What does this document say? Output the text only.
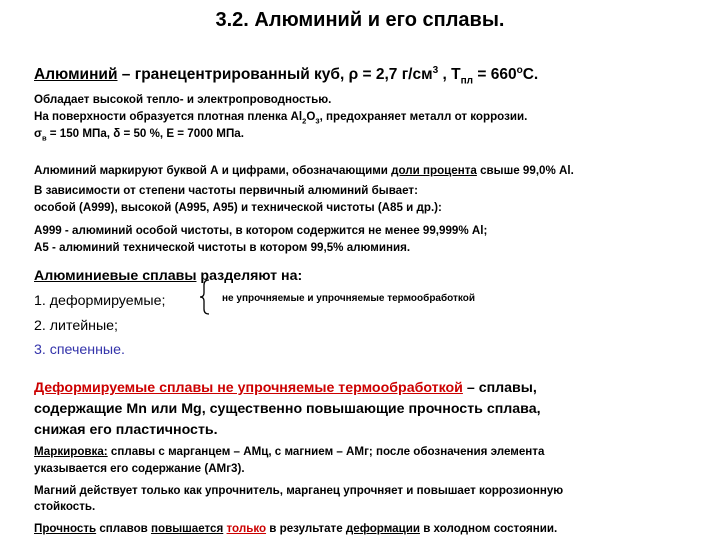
3.2. Алюминий и его сплавы.
Алюминий – гранецентрированный куб, ρ = 2,7 $г/см^3$ , $Т_{пл} = 660^оС$.
Обладает высокой тепло- и электропроводностью.
На поверхности образуется плотная пленка $Al_2O_3$, предохраняет металл от коррозии.
$\sigma_в = 150$ МПа, δ = 50 %, Е = 7000 МПа.
Алюминий маркируют буквой А и цифрами, обозначающими доли процента свыше 99,0% Al.
В зависимости от степени частоты первичный алюминий бывает:
особой (А999), высокой (А995, А95) и технической чистоты (А85 и др.):
А999 - алюминий особой чистоты, в котором содержится не менее 99,999% Al;
А5 - алюминий технической чистоты в котором 99,5% алюминия.
Алюминиевые сплавы разделяют на:
1. деформируемые;
2. литейные;
3. спеченные.
не упрочняемые и упрочняемые термообработкой
Деформируемые сплавы не упрочняемые термообработкой – сплавы,
содержащие Mn или Mg, существенно повышающие прочность сплава,
снижая его пластичность.
Маркировка: сплавы с марганцем – АМц, с магнием – АМг; после обозначения элемента
указывается его содержание (АМг3).
Магний действует только как упрочнитель, марганец упрочняет и повышает коррозионную
стойкость.
Прочность сплавов повышается только в результате деформации в холодном состоянии.
